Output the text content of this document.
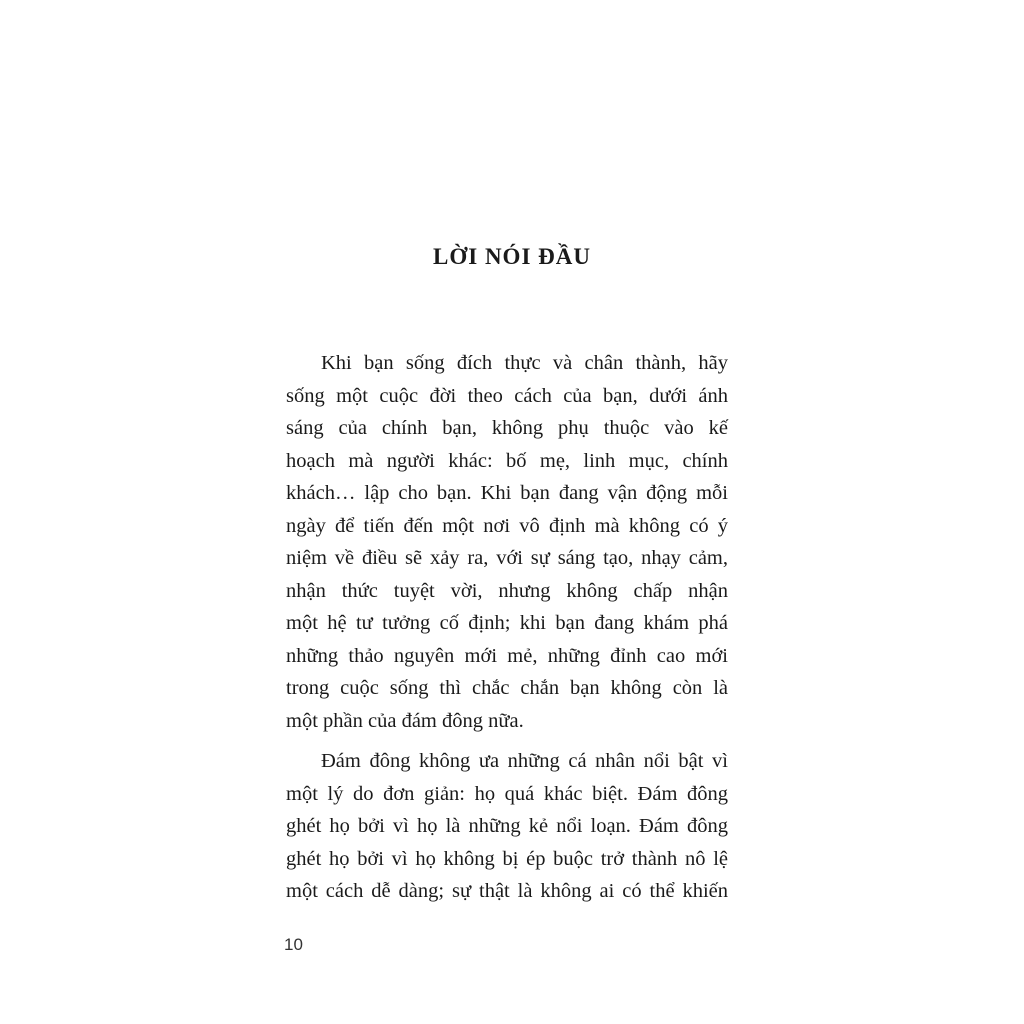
LỜI NÓI ĐẦU

Khi bạn sống đích thực và chân thành, hãy
sống một cuộc đời theo cách của bạn, dưới ánh
sáng của chính bạn, không phụ thuộc vào kế
hoạch mà người khác: bố mẹ, linh mục, chính
khách… lập cho bạn. Khi bạn đang vận động mỗi
ngày để tiến đến một nơi vô định mà không có ý
niệm về điều sẽ xảy ra, với sự sáng tạo, nhạy cảm,
nhận thức tuyệt vời, nhưng không chấp nhận
một hệ tư tưởng cố định; khi bạn đang khám phá
những thảo nguyên mới mẻ, những đỉnh cao mới
trong cuộc sống thì chắc chắn bạn không còn là
một phần của đám đông nữa.

Đám đông không ưa những cá nhân nổi bật vì
một lý do đơn giản: họ quá khác biệt. Đám đông
ghét họ bởi vì họ là những kẻ nổi loạn. Đám đông
ghét họ bởi vì họ không bị ép buộc trở thành nô lệ
một cách dễ dàng; sự thật là không ai có thể khiến

10
